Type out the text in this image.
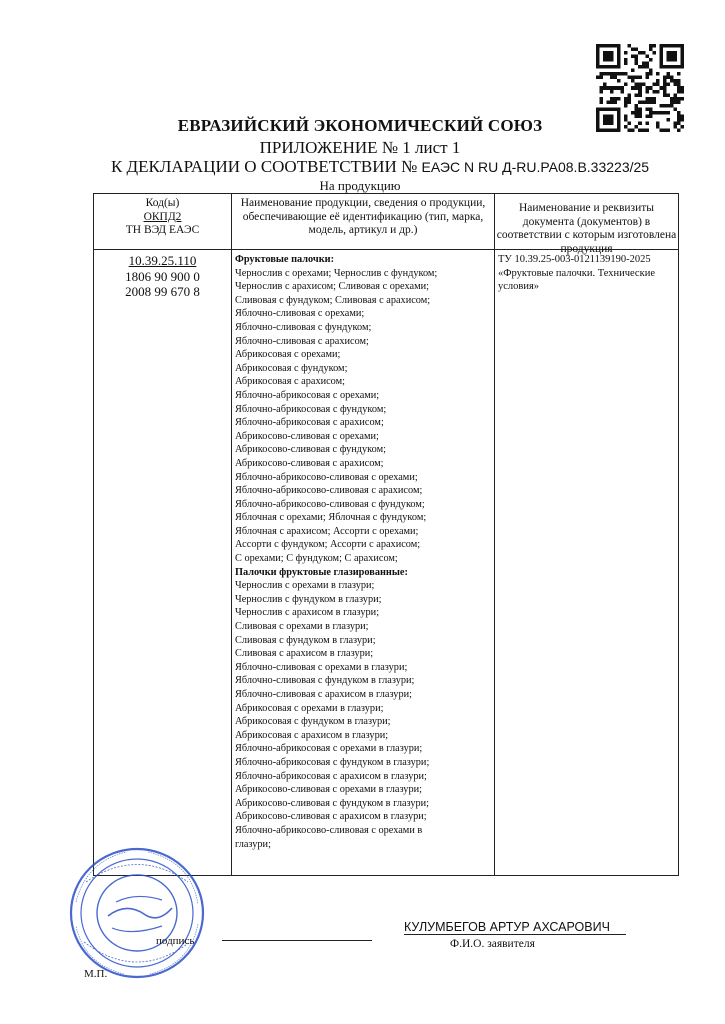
ЕВРАЗИЙСКИЙ ЭКОНОМИЧЕСКИЙ СОЮЗ
ПРИЛОЖЕНИЕ № 1 лист 1
К ДЕКЛАРАЦИИ О СООТВЕТСТВИИ № ЕАЭС N RU Д-RU.PA08.B.33223/25
На продукцию
Код(ы)
ОКПД2
ТН ВЭД ЕАЭС
Наименование продукции, сведения о продукции, обеспечивающие её идентификацию (тип, марка, модель, артикул и др.)
Наименование и реквизиты документа (документов) в соответствии с которым изготовлена продукция
10.39.25.110
1806 90 900 0
2008 99 670 8
Фруктовые палочки:
Чернослив с орехами; Чернослив с фундуком;
Чернослив с арахисом; Сливовая с орехами;
Сливовая с фундуком; Сливовая с арахисом;
Яблочно-сливовая с орехами;
Яблочно-сливовая с фундуком;
Яблочно-сливовая с арахисом;
Абрикосовая с орехами;
Абрикосовая с фундуком;
Абрикосовая с арахисом;
Яблочно-абрикосовая с орехами;
Яблочно-абрикосовая с фундуком;
Яблочно-абрикосовая с арахисом;
Абрикосово-сливовая с орехами;
Абрикосово-сливовая с фундуком;
Абрикосово-сливовая с арахисом;
Яблочно-абрикосово-сливовая с орехами;
Яблочно-абрикосово-сливовая с арахисом;
Яблочно-абрикосово-сливовая с фундуком;
Яблочная с орехами; Яблочная с фундуком;
Яблочная с арахисом; Ассорти с орехами;
Ассорти с фундуком; Ассорти с арахисом;
С орехами; С фундуком; С арахисом;
Палочки фруктовые глазированные:
Чернослив с орехами в глазури;
Чернослив с фундуком в глазури;
Чернослив с арахисом в глазури;
Сливовая с орехами в глазури;
Сливовая с фундуком в глазури;
Сливовая с арахисом в глазури;
Яблочно-сливовая с орехами в глазури;
Яблочно-сливовая с фундуком в глазури;
Яблочно-сливовая с арахисом в глазури;
Абрикосовая с орехами в глазури;
Абрикосовая с фундуком в глазури;
Абрикосовая с арахисом в глазури;
Яблочно-абрикосовая с орехами в глазури;
Яблочно-абрикосовая с фундуком в глазури;
Яблочно-абрикосовая с арахисом в глазури;
Абрикосово-сливовая с орехами в глазури;
Абрикосово-сливовая с фундуком в глазури;
Абрикосово-сливовая с арахисом в глазури;
Яблочно-абрикосово-сливовая с орехами в
глазури;
ТУ 10.39.25-003-0121139190-2025 «Фруктовые палочки. Технические условия»
подпись
М.П.
КУЛУМБЕГОВ АРТУР АХСАРОВИЧ
Ф.И.О. заявителя
